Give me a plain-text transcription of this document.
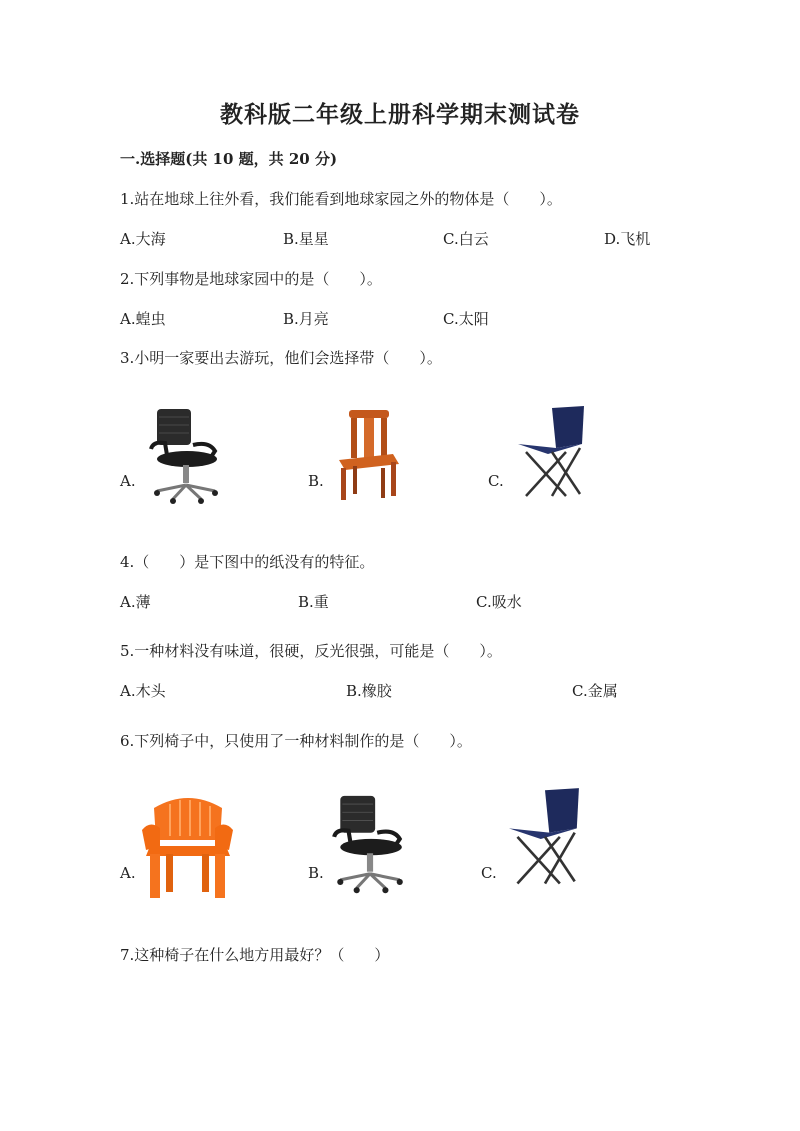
教科版二年级上册科学期末测试卷
一.选择题(共 10 题，共 20 分)
1.站在地球上往外看，我们能看到地球家园之外的物体是（　　）。
A.大海	B.星星	C.白云	D.飞机
2.下列事物是地球家园中的是（　　）。
A.蝗虫	B.月亮	C.太阳
3.小明一家要出去游玩，他们会选择带（　　）。
A.	B.	C.
4.（　　）是下图中的纸没有的特征。
A.薄	B.重	C.吸水
5.一种材料没有味道，很硬，反光很强，可能是（　　）。
A.木头	B.橡胶	C.金属
6.下列椅子中，只使用了一种材料制作的是（　　）。
A.	B.	C.
7.这种椅子在什么地方用最好？（　　）
